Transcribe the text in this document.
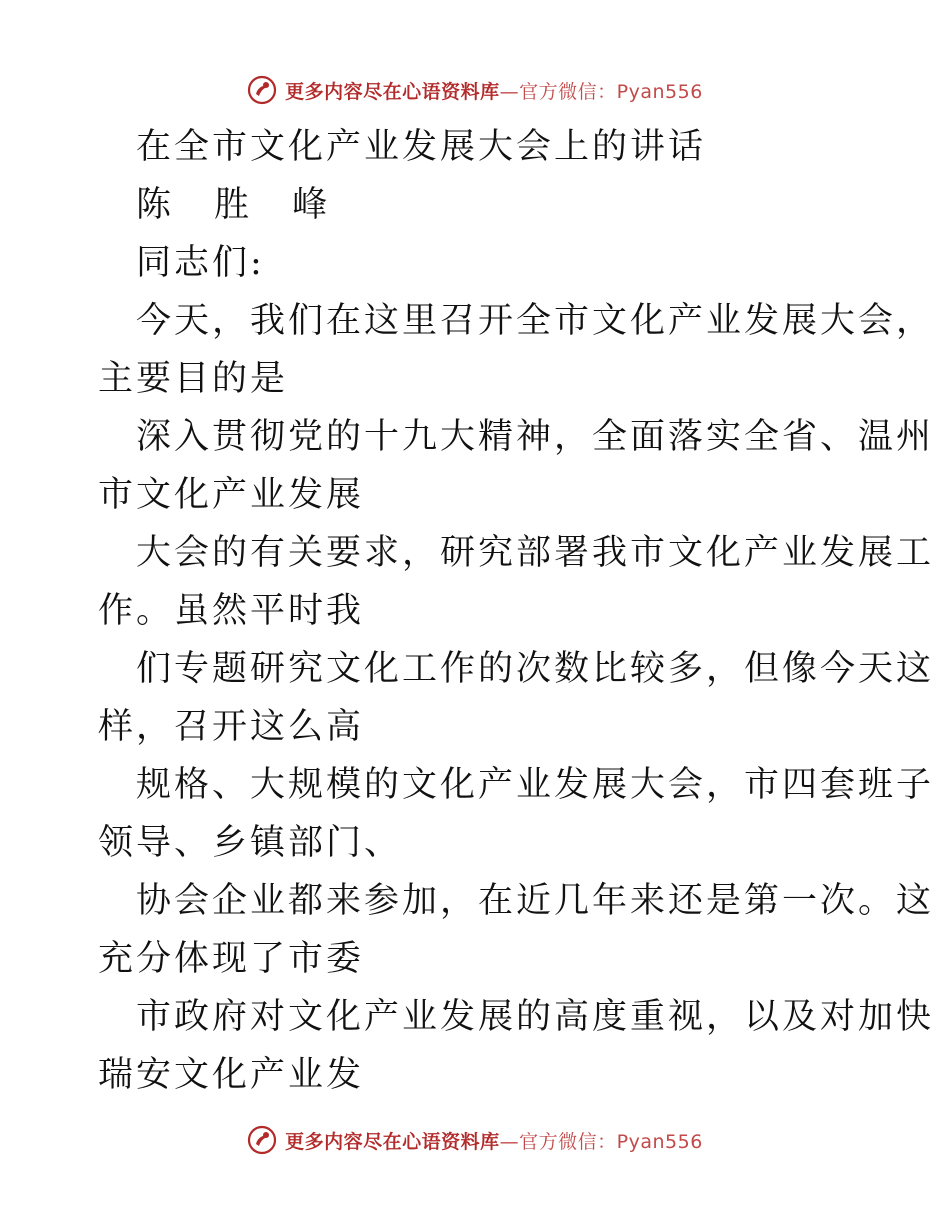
更多内容尽在心语资料库—官方微信：Pyan556
在全市文化产业发展大会上的讲话
陈 胜 峰
同志们:
今天，我们在这里召开全市文化产业发展大会，
主要目的是
深入贯彻党的十九大精神，全面落实全省、温州
市文化产业发展
大会的有关要求，研究部署我市文化产业发展工
作。虽然平时我
们专题研究文化工作的次数比较多，但像今天这
样，召开这么高
规格、大规模的文化产业发展大会，市四套班子
领导、乡镇部门、
协会企业都来参加，在近几年来还是第一次。这
充分体现了市委
市政府对文化产业发展的高度重视，以及对加快
瑞安文化产业发
更多内容尽在心语资料库—官方微信：Pyan556
